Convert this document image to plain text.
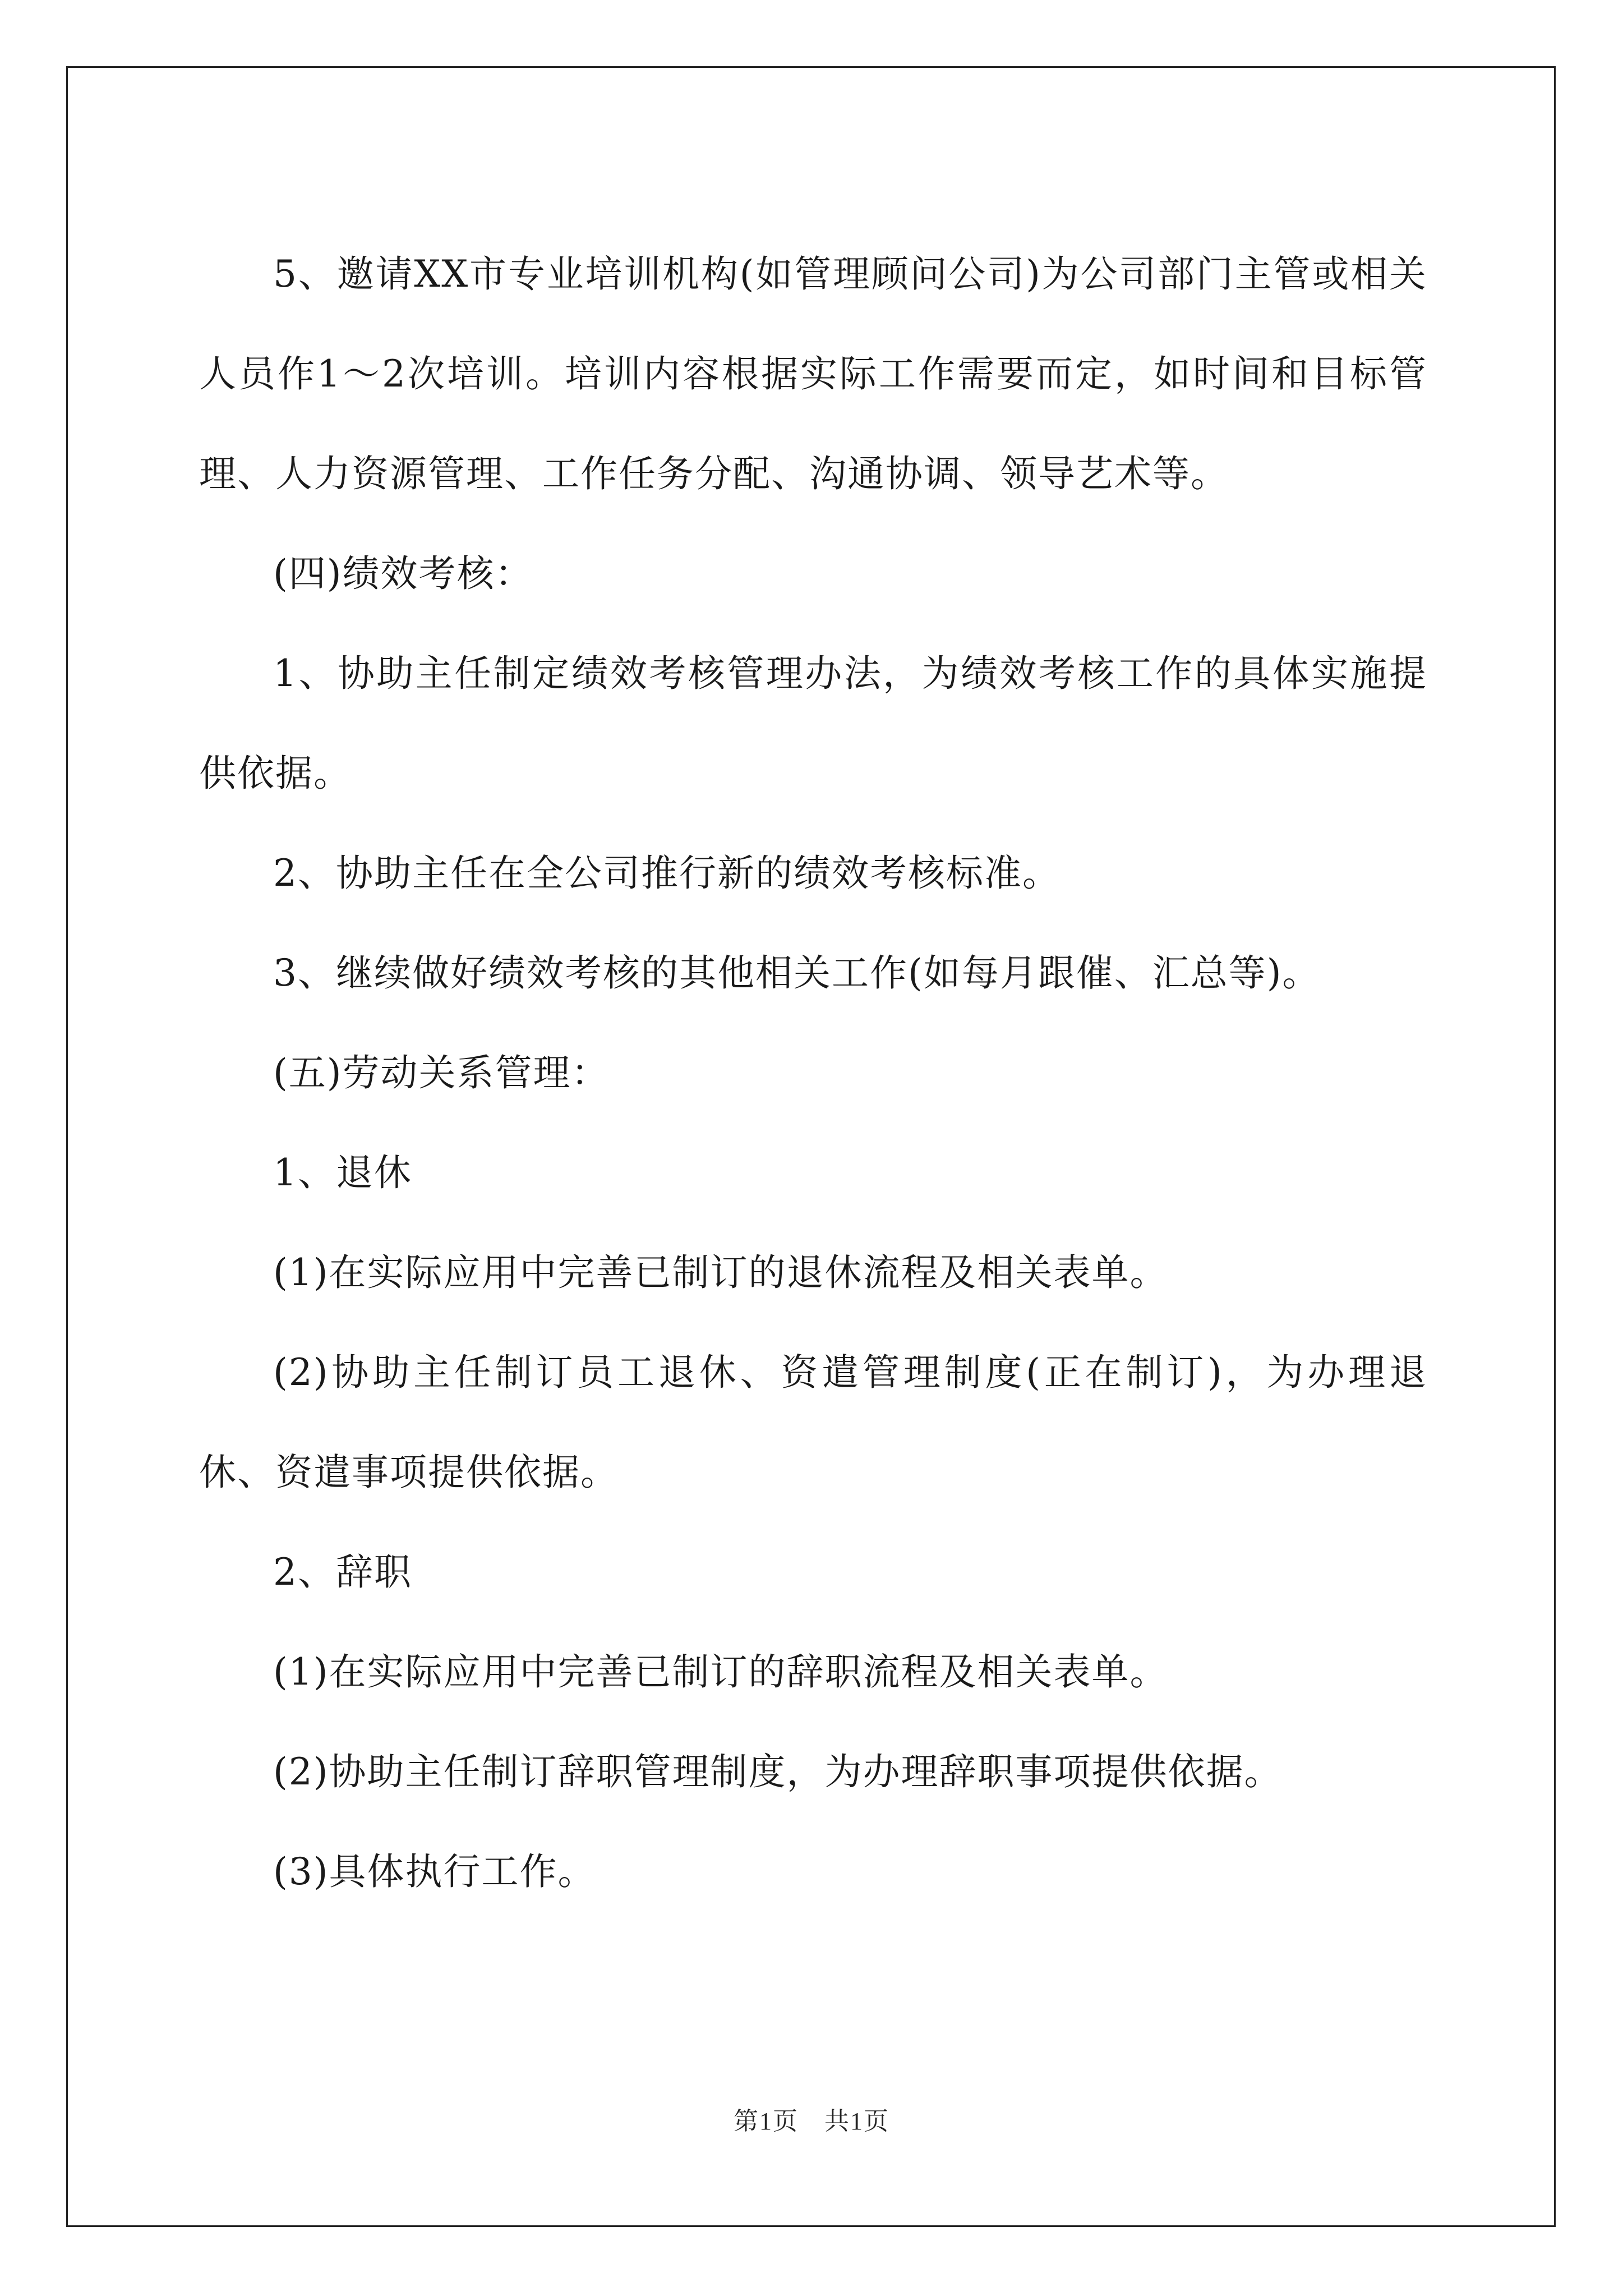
5、邀请XX市专业培训机构(如管理顾问公司)为公司部门主管或相关人员作1～2次培训。培训内容根据实际工作需要而定，如时间和目标管理、人力资源管理、工作任务分配、沟通协调、领导艺术等。

(四)绩效考核：

1、协助主任制定绩效考核管理办法，为绩效考核工作的具体实施提供依据。

2、协助主任在全公司推行新的绩效考核标准。

3、继续做好绩效考核的其他相关工作(如每月跟催、汇总等)。

(五)劳动关系管理：

1、退休

(1)在实际应用中完善已制订的退休流程及相关表单。

(2)协助主任制订员工退休、资遣管理制度(正在制订)，为办理退休、资遣事项提供依据。

2、辞职

(1)在实际应用中完善已制订的辞职流程及相关表单。

(2)协助主任制订辞职管理制度，为办理辞职事项提供依据。

(3)具体执行工作。

第1页　共1页
